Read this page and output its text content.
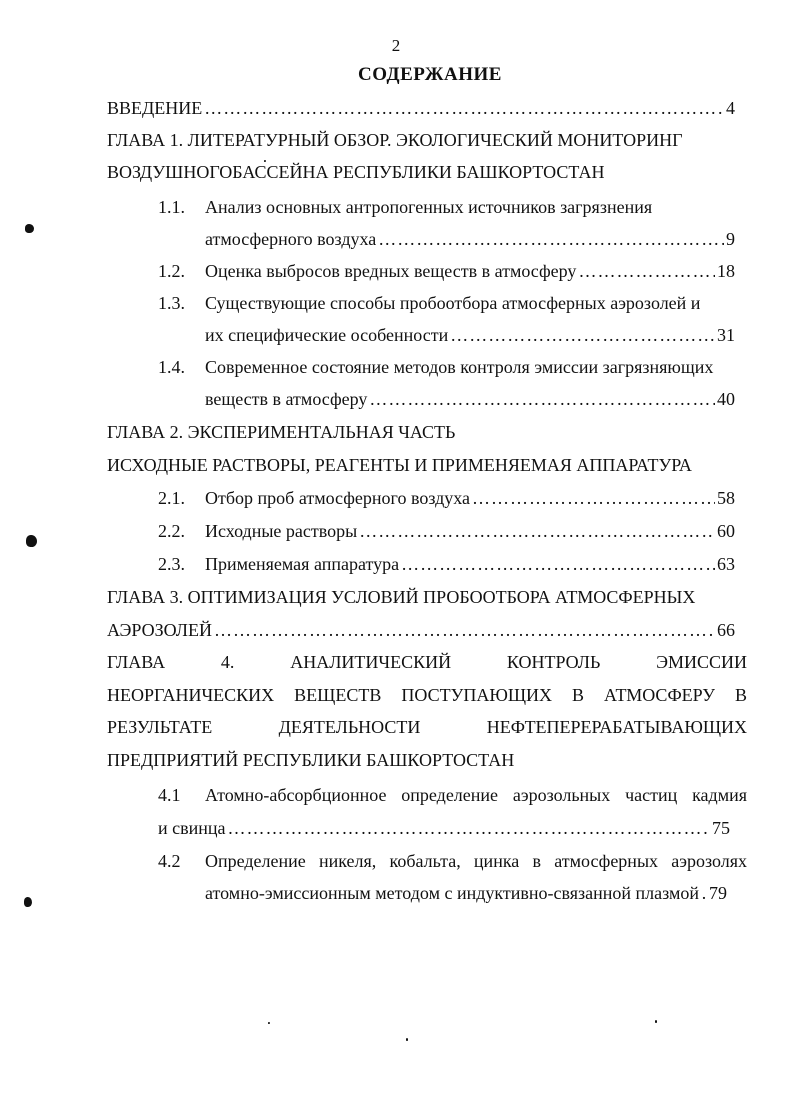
2
СОДЕРЖАНИЕ
ВВЕДЕНИЕ …………………………………………………………………………………………………………………………………………………………………	4
ГЛАВА 1. ЛИТЕРАТУРНЫЙ ОБЗОР. ЭКОЛОГИЧЕСКИЙ МОНИТОРИНГ
ВОЗДУШНОГОБАССЕЙНА РЕСПУБЛИКИ БАШКОРТОСТАН
1.1. Анализ основных антропогенных источников загрязнения
атмосферного воздуха …………………………………………………………………………………………………………………………………………………………………	9
1.2. Оценка выбросов вредных веществ в атмосферу …………………………………………………………………………………………………………………………………………………………………	18
1.3. Существующие способы пробоотбора атмосферных аэрозолей и
их специфические особенности …………………………………………………………………………………………………………………………………………………………………	31
1.4. Современное состояние методов контроля эмиссии загрязняющих
веществ в атмосферу …………………………………………………………………………………………………………………………………………………………………	40
ГЛАВА 2. ЭКСПЕРИМЕНТАЛЬНАЯ ЧАСТЬ
ИСХОДНЫЕ РАСТВОРЫ, РЕАГЕНТЫ И ПРИМЕНЯЕМАЯ АППАРАТУРА
2.1. Отбор проб атмосферного воздуха …………………………………………………………………………………………………………………………………………………………………	58
2.2. Исходные растворы …………………………………………………………………………………………………………………………………………………………………	60
2.3. Применяемая аппаратура …………………………………………………………………………………………………………………………………………………………………	63
ГЛАВА 3. ОПТИМИЗАЦИЯ УСЛОВИЙ ПРОБООТБОРА АТМОСФЕРНЫХ
АЭРОЗОЛЕЙ …………………………………………………………………………………………………………………………………………………………………	66
ГЛАВА 4. АНАЛИТИЧЕСКИЙ КОНТРОЛЬ ЭМИССИИ
НЕОРГАНИЧЕСКИХ ВЕЩЕСТВ ПОСТУПАЮЩИХ В АТМОСФЕРУ В
РЕЗУЛЬТАТЕ ДЕЯТЕЛЬНОСТИ НЕФТЕПЕРЕРАБАТЫВАЮЩИХ
ПРЕДПРИЯТИЙ РЕСПУБЛИКИ БАШКОРТОСТАН
4.1 Атомно-абсорбционное определение аэрозольных частиц кадмия
и свинца …………………………………………………………………………………………………………………………………………………………………	75
4.2 Определение никеля, кобальта, цинка в атмосферных аэрозолях
атомно-эмиссионным методом с индуктивно-связанной плазмой ………………………………………………………………………………………………………………………………………………………………… 79
